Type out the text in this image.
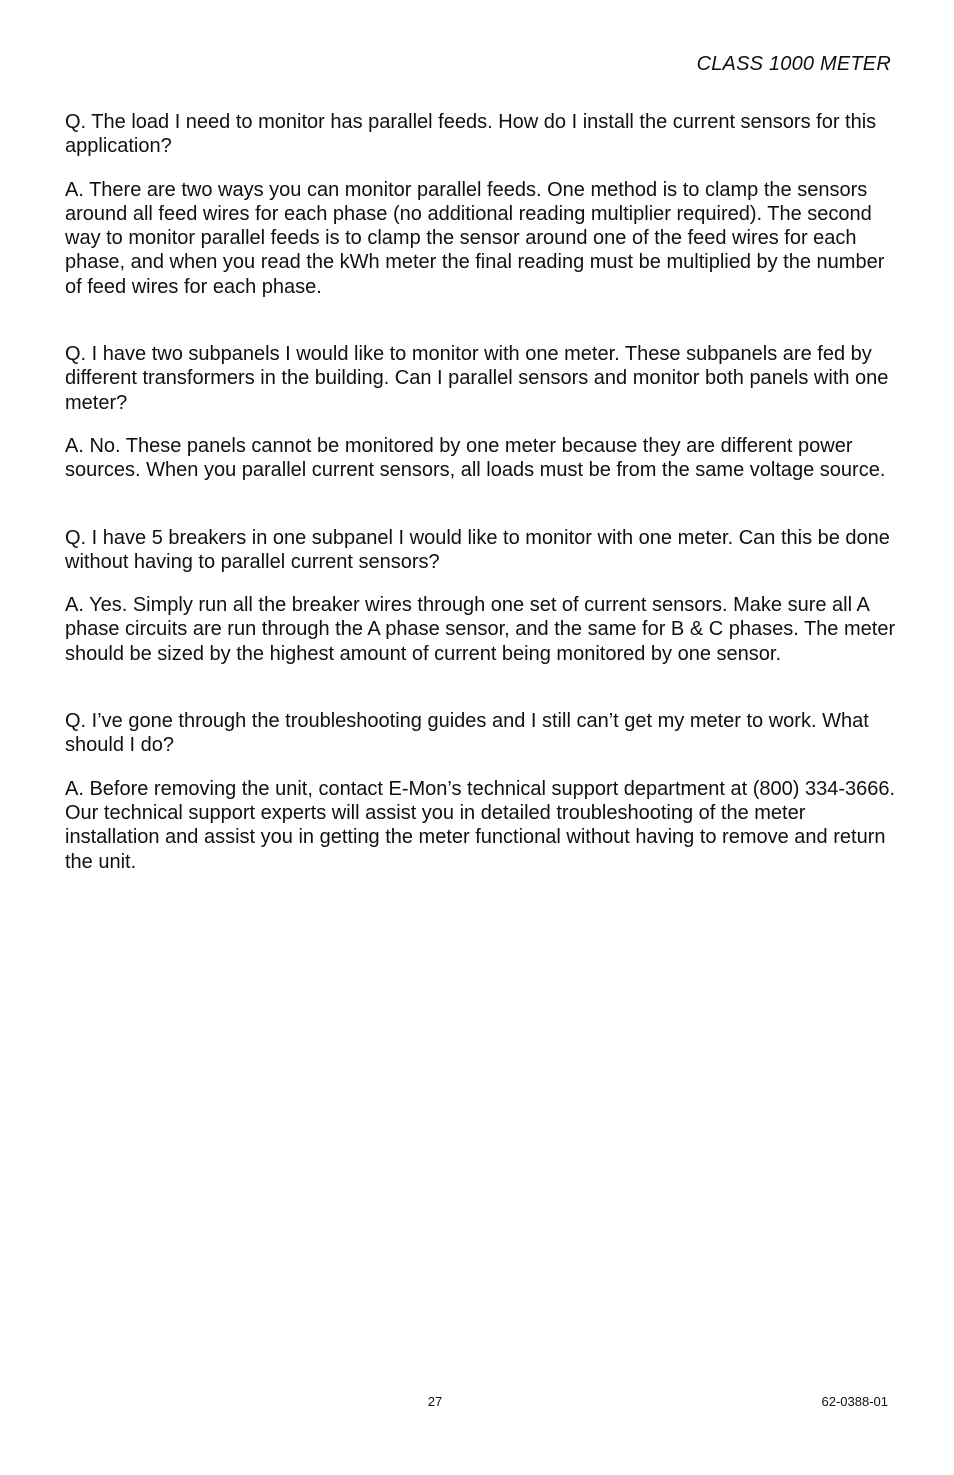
CLASS 1000 METER

Q. The load I need to monitor has parallel feeds. How do I install the current sensors for this application?

A. There are two ways you can monitor parallel feeds. One method is to clamp the sensors around all feed wires for each phase (no additional reading multiplier required). The second way to monitor parallel feeds is to clamp the sensor around one of the feed wires for each phase, and when you read the kWh meter the final reading must be multiplied by the number of feed wires for each phase.

Q. I have two subpanels I would like to monitor with one meter. These subpanels are fed by different transformers in the building. Can I parallel sensors and monitor both panels with one meter?

A. No. These panels cannot be monitored by one meter because they are different power sources. When you parallel current sensors, all loads must be from the same voltage source.

Q. I have 5 breakers in one subpanel I would like to monitor with one meter. Can this be done without having to parallel current sensors?

A. Yes. Simply run all the breaker wires through one set of current sensors. Make sure all A phase circuits are run through the A phase sensor, and the same for B & C phases. The meter should be sized by the highest amount of current being monitored by one sensor.

Q. I’ve gone through the troubleshooting guides and I still can’t get my meter to work. What should I do?

A. Before removing the unit, contact E-Mon’s technical support department at (800) 334-3666. Our technical support experts will assist you in detailed troubleshooting of the meter installation and assist you in getting the meter functional without having to remove and return the unit.

27	62-0388-01
